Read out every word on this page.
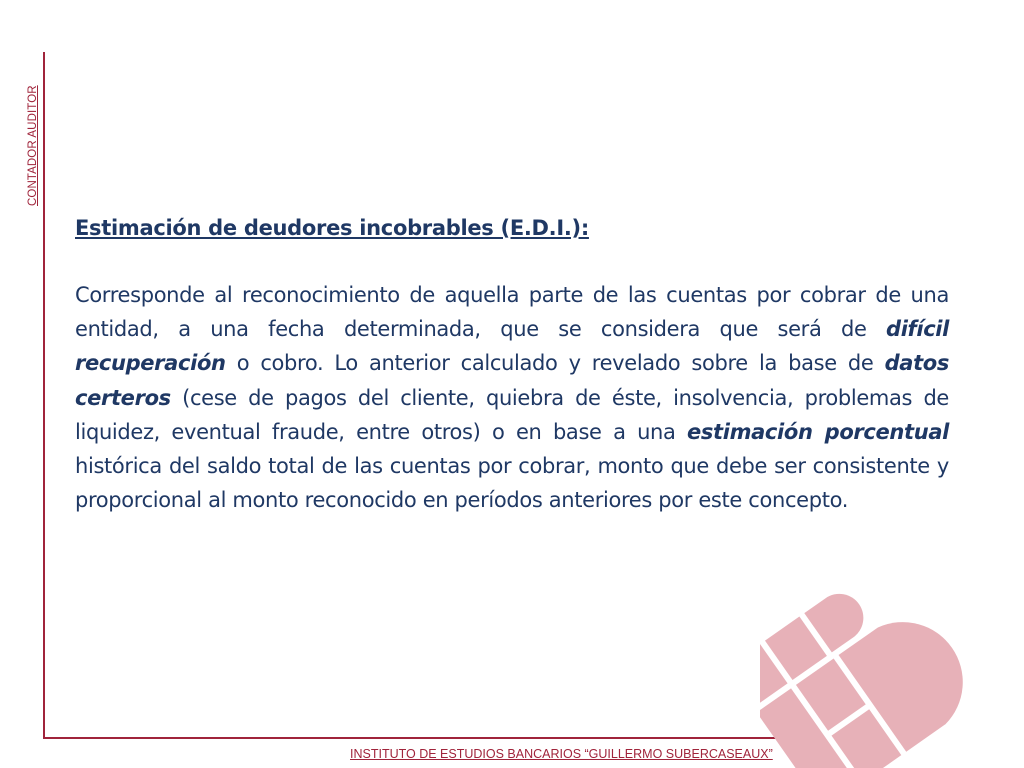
CONTADOR AUDITOR
Estimación de deudores incobrables (E.D.I.):

Corresponde al reconocimiento de aquella parte de las cuentas por cobrar de una entidad, a una fecha determinada, que se considera que será de difícil recuperación o cobro. Lo anterior calculado y revelado sobre la base de datos certeros (cese de pagos del cliente, quiebra de éste, insolvencia, problemas de liquidez, eventual fraude, entre otros) o en base a una estimación porcentual histórica del saldo total de las cuentas por cobrar, monto que debe ser consistente y proporcional al monto reconocido en períodos anteriores por este concepto.

INSTITUTO DE ESTUDIOS BANCARIOS “GUILLERMO SUBERCASEAUX”
